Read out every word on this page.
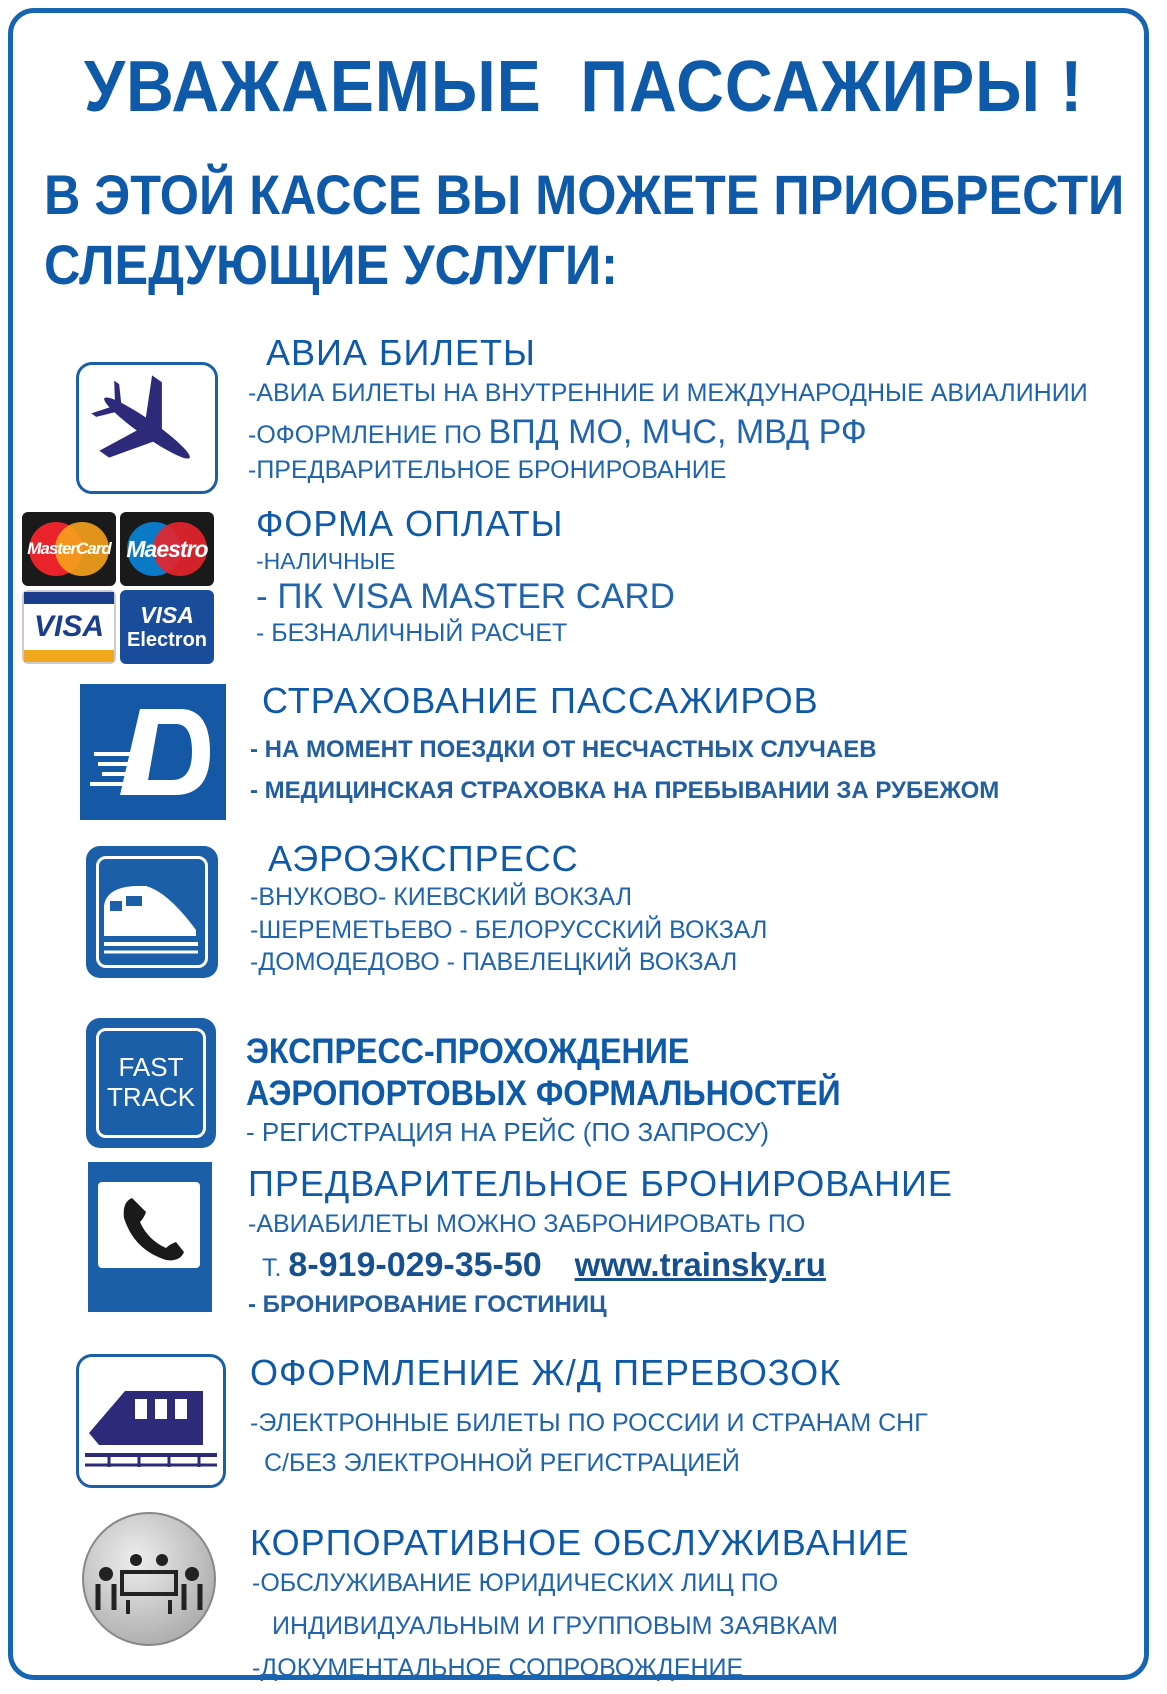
УВАЖАЕМЫЕ  ПАССАЖИРЫ !
В ЭТОЙ КАССЕ ВЫ МОЖЕТЕ ПРИОБРЕСТИ
СЛЕДУЮЩИЕ УСЛУГИ:
АВИА БИЛЕТЫ
-АВИА БИЛЕТЫ НА ВНУТРЕННИЕ И МЕЖДУНАРОДНЫЕ АВИАЛИНИИ
-ОФОРМЛЕНИЕ ПО ВПД МО, МЧС, МВД РФ
-ПРЕДВАРИТЕЛЬНОЕ БРОНИРОВАНИЕ
MasterCard Maestro
VISA VISA
Electron
ФОРМА ОПЛАТЫ
-НАЛИЧНЫЕ
- ПК VISA MASTER CARD
- БЕЗНАЛИЧНЫЙ РАСЧЕТ
СТРАХОВАНИЕ ПАССАЖИРОВ
- НА МОМЕНТ ПОЕЗДКИ ОТ НЕСЧАСТНЫХ СЛУЧАЕВ
- МЕДИЦИНСКАЯ СТРАХОВКА НА ПРЕБЫВАНИИ ЗА РУБЕЖОМ
АЭРОЭКСПРЕСС
-ВНУКОВО- КИЕВСКИЙ ВОКЗАЛ
-ШЕРЕМЕТЬЕВО - БЕЛОРУССКИЙ ВОКЗАЛ
-ДОМОДЕДОВО - ПАВЕЛЕЦКИЙ ВОКЗАЛ
FAST
TRACK
ЭКСПРЕСС-ПРОХОЖДЕНИЕ
АЭРОПОРТОВЫХ ФОРМАЛЬНОСТЕЙ
- РЕГИСТРАЦИЯ НА РЕЙС (ПО ЗАПРОСУ)
ПРЕДВАРИТЕЛЬНОЕ БРОНИРОВАНИЕ
-АВИАБИЛЕТЫ МОЖНО ЗАБРОНИРОВАТЬ ПО
Т. 8-919-029-35-50 www.trainsky.ru
- БРОНИРОВАНИЕ ГОСТИНИЦ
ОФОРМЛЕНИЕ Ж/Д ПЕРЕВОЗОК
-ЭЛЕКТРОННЫЕ БИЛЕТЫ ПО РОССИИ И СТРАНАМ СНГ
С/БЕЗ ЭЛЕКТРОННОЙ РЕГИСТРАЦИЕЙ
КОРПОРАТИВНОЕ ОБСЛУЖИВАНИЕ
-ОБСЛУЖИВАНИЕ ЮРИДИЧЕСКИХ ЛИЦ ПО
ИНДИВИДУАЛЬНЫМ И ГРУППОВЫМ ЗАЯВКАМ
-ДОКУМЕНТАЛЬНОЕ СОПРОВОЖДЕНИЕ
